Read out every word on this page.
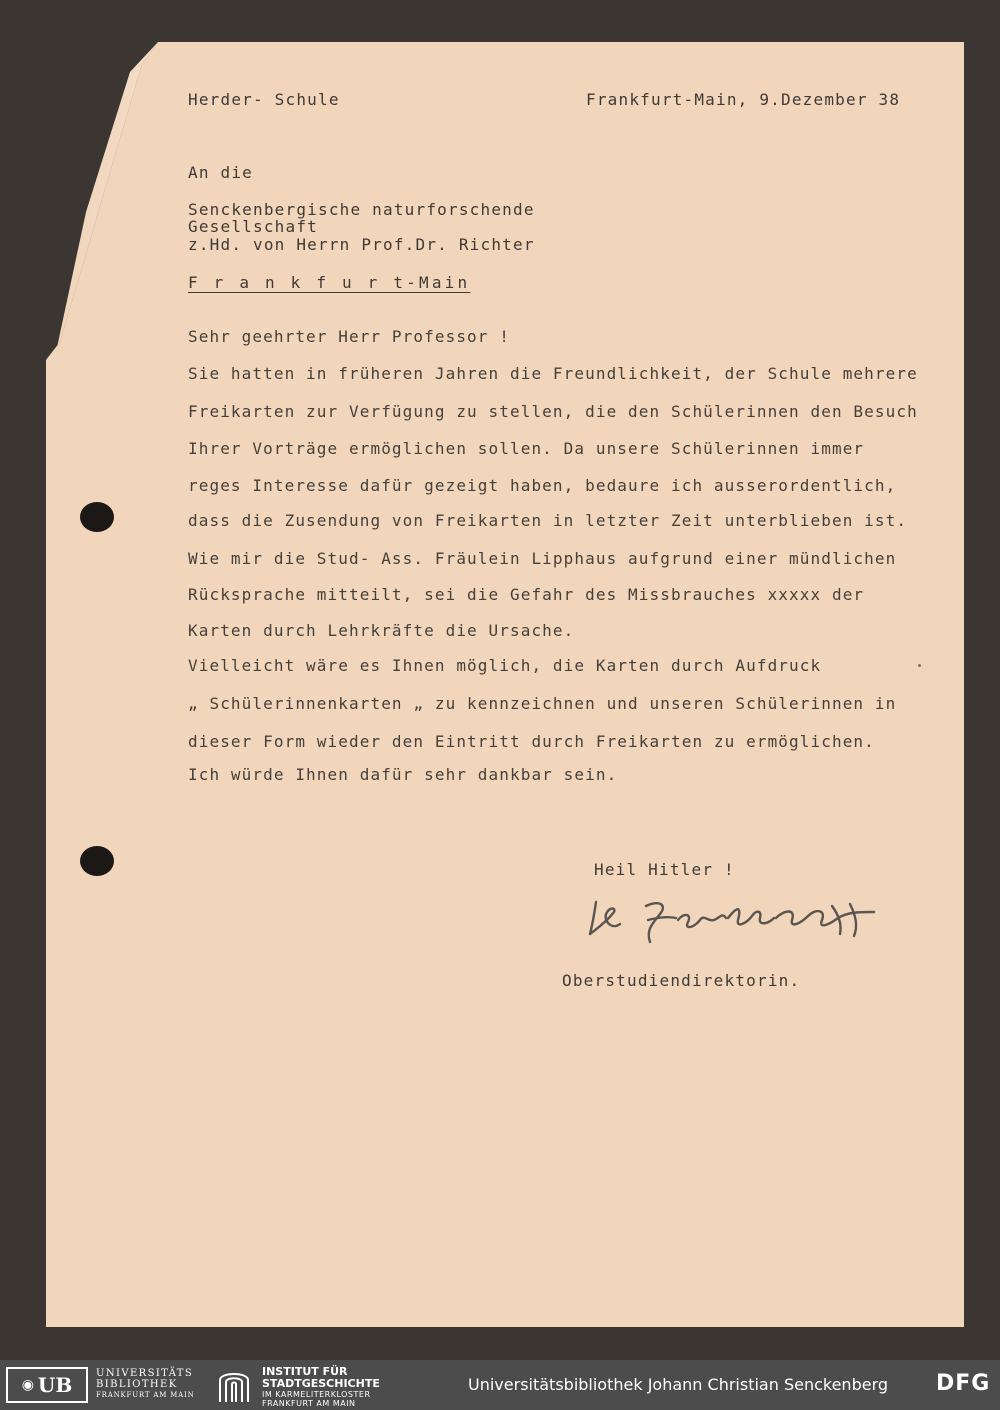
Herder- Schule	Frankfurt-Main, 9.Dezember 38
An die
Senckenbergische naturforschende
Gesellschaft
z.Hd. von Herrn Prof.Dr. Richter
F r a n k f u r t-Main
Sehr geehrter Herr Professor !
Sie hatten in früheren Jahren die Freundlichkeit, der Schule mehrere
Freikarten zur Verfügung zu stellen, die den Schülerinnen den Besuch
Ihrer Vorträge ermöglichen sollen. Da unsere Schülerinnen immer
reges Interesse dafür gezeigt haben, bedaure ich ausserordentlich,
dass die Zusendung von Freikarten in letzter Zeit unterblieben ist.
Wie mir die Stud- Ass. Fräulein Lipphaus aufgrund einer mündlichen
Rücksprache mitteilt, sei die Gefahr des Missbrauches xxxxx der
Karten durch Lehrkräfte die Ursache.
Vielleicht wäre es Ihnen möglich, die Karten durch Aufdruck
„ Schülerinnenkarten „ zu kennzeichnen und unseren Schülerinnen in
dieser Form wieder den Eintritt durch Freikarten zu ermöglichen.
Ich würde Ihnen dafür sehr dankbar sein.
Heil Hitler !
Oberstudiendirektorin.
◉ UB UNIVERSITÄTS
BIBLIOTHEK
FRANKFURT AM MAIN
INSTITUT FÜR
STADTGESCHICHTE
IM KARMELITERKLOSTER
FRANKFURT AM MAIN
Universitätsbibliothek Johann Christian Senckenberg DFG
